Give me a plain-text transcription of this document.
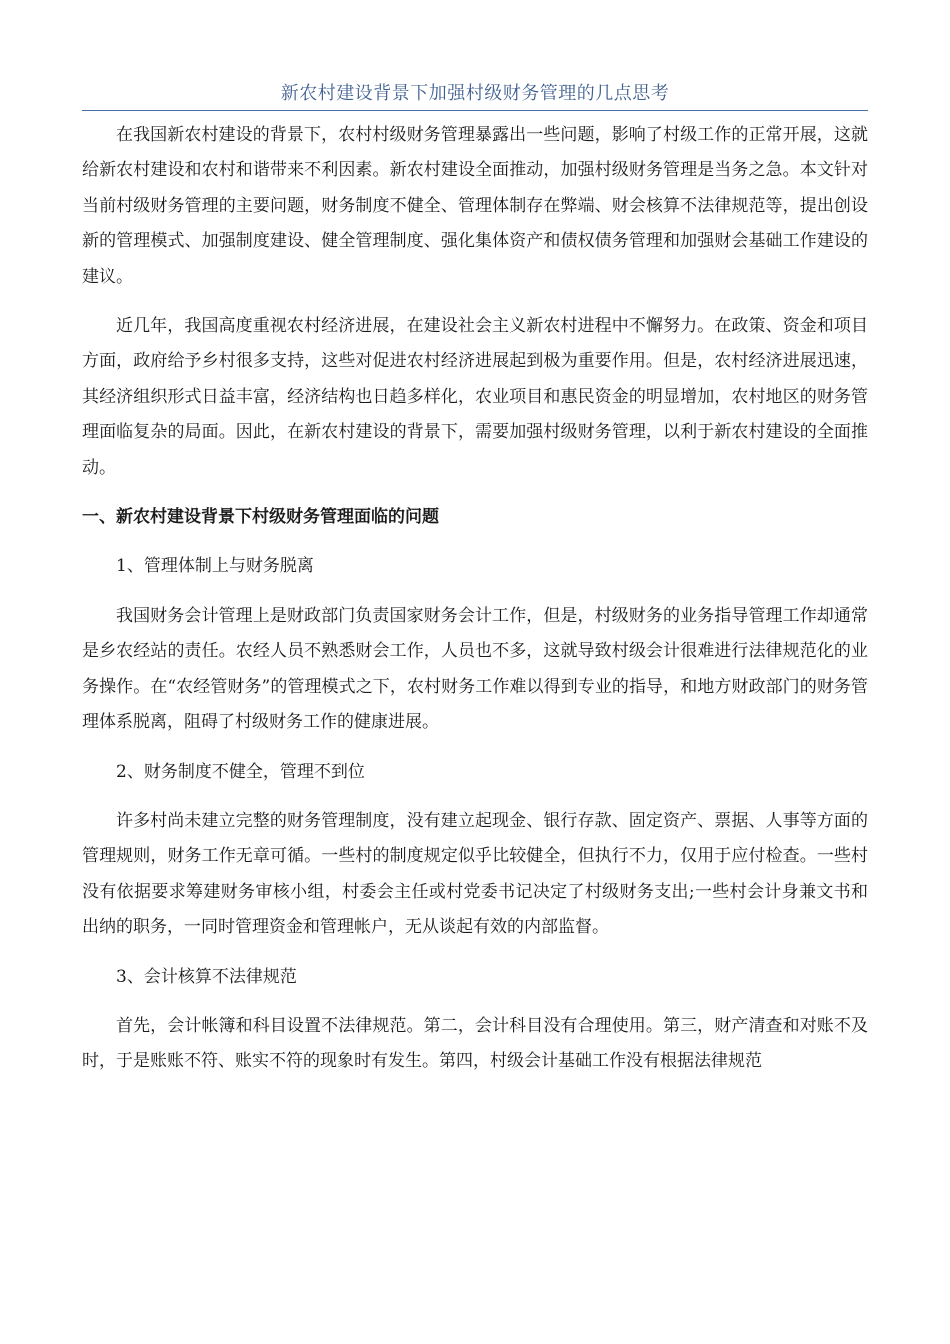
新农村建设背景下加强村级财务管理的几点思考

在我国新农村建设的背景下，农村村级财务管理暴露出一些问题，影响了村级工作的正常开展，这就给新农村建设和农村和谐带来不利因素。新农村建设全面推动，加强村级财务管理是当务之急。本文针对当前村级财务管理的主要问题，财务制度不健全、管理体制存在弊端、财会核算不法律规范等，提出创设新的管理模式、加强制度建设、健全管理制度、强化集体资产和债权债务管理和加强财会基础工作建设的建议。

近几年，我国高度重视农村经济进展，在建设社会主义新农村进程中不懈努力。在政策、资金和项目方面，政府给予乡村很多支持，这些对促进农村经济进展起到极为重要作用。但是，农村经济进展迅速，其经济组织形式日益丰富，经济结构也日趋多样化，农业项目和惠民资金的明显增加，农村地区的财务管理面临复杂的局面。因此，在新农村建设的背景下，需要加强村级财务管理，以利于新农村建设的全面推动。

一、新农村建设背景下村级财务管理面临的问题

1、管理体制上与财务脱离

我国财务会计管理上是财政部门负责国家财务会计工作，但是，村级财务的业务指导管理工作却通常是乡农经站的责任。农经人员不熟悉财会工作，人员也不多，这就导致村级会计很难进行法律规范化的业务操作。在“农经管财务”的管理模式之下，农村财务工作难以得到专业的指导，和地方财政部门的财务管理体系脱离，阻碍了村级财务工作的健康进展。

2、财务制度不健全，管理不到位

许多村尚未建立完整的财务管理制度，没有建立起现金、银行存款、固定资产、票据、人事等方面的管理规则，财务工作无章可循。一些村的制度规定似乎比较健全，但执行不力，仅用于应付检查。一些村没有依据要求筹建财务审核小组，村委会主任或村党委书记决定了村级财务支出;一些村会计身兼文书和出纳的职务，一同时管理资金和管理帐户，无从谈起有效的内部监督。

3、会计核算不法律规范

首先，会计帐簿和科目设置不法律规范。第二，会计科目没有合理使用。第三，财产清查和对账不及时，于是账账不符、账实不符的现象时有发生。第四，村级会计基础工作没有根据法律规范
